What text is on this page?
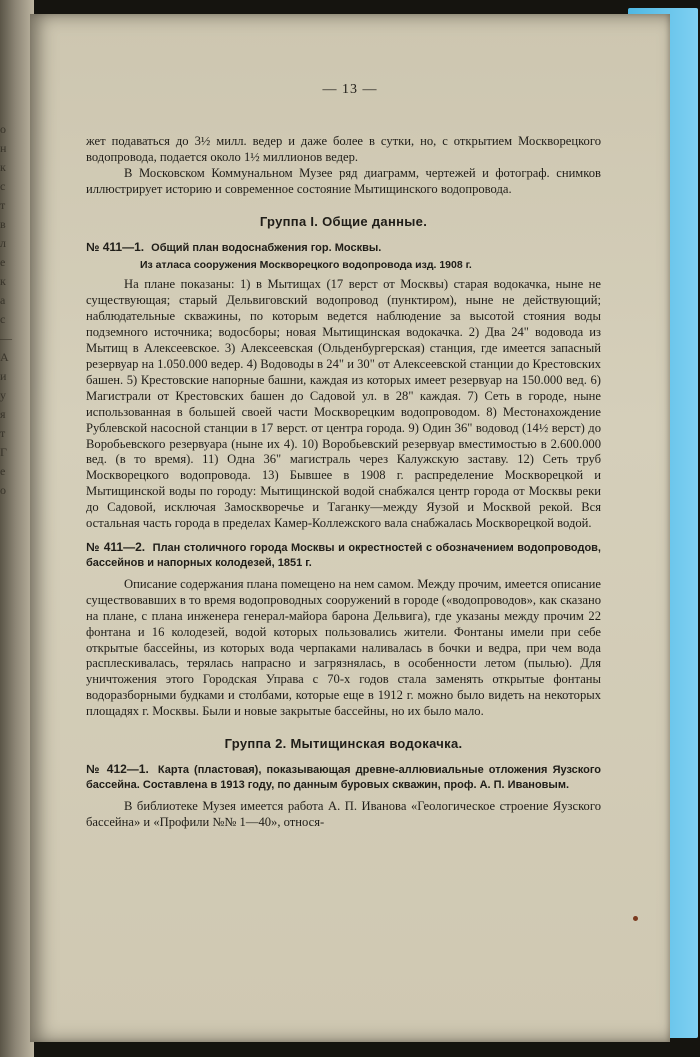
о
н
к
с
т
в
л
е
к
а
с
—
А
и
у
я
т
Г
е
о
— 13 —

жет подаваться до 3½ милл. ведер и даже более в сутки, но, с открытием Москворецкого водопровода, подается около 1½ миллионов ведер.

В Московском Коммунальном Музее ряд диаграмм, чертежей и фотограф. снимков иллюстрирует историю и современное состояние Мытищинского водопровода.

Группа I. Общие данные.
№ 411—1. Общий план водоснабжения гор. Москвы.
Из атласа сооружения Москворецкого водопровода изд. 1908 г.

На плане показаны: 1) в Мытищах (17 верст от Москвы) старая водокачка, ныне не существующая; старый Дельвиговский водопровод (пунктиром), ныне не действующий; наблюдательные скважины, по которым ведется наблюдение за высотой стояния воды подземного источника; водосборы; новая Мытищинская водокачка. 2) Два 24" водовода из Мытищ в Алексеевское. 3) Алексеевская (Ольденбургерская) станция, где имеется запасный резервуар на 1.050.000 ведер. 4) Водоводы в 24" и 30" от Алексеевской станции до Крестовских башен. 5) Крестовские напорные башни, каждая из которых имеет резервуар на 150.000 вед. 6) Магистрали от Крестовских башен до Садовой ул. в 28" каждая. 7) Сеть в городе, ныне использованная в большей своей части Москворецким водопроводом. 8) Местонахождение Рублевской насосной станции в 17 верст. от центра города. 9) Один 36" водовод (14½ верст) до Воробьевского резервуара (ныне их 4). 10) Воробьевский резервуар вместимостью в 2.600.000 вед. (в то время). 11) Одна 36" магистраль через Калужскую заставу. 12) Сеть труб Москворецкого водопровода. 13) Бывшее в 1908 г. распределение Москворецкой и Мытищинской воды по городу: Мытищинской водой снабжался центр города от Москвы реки до Садовой, исключая Замоскворечье и Таганку—между Яузой и Москвой рекой. Вся остальная часть города в пределах Камер-Коллежского вала снабжалась Москворецкой водой.

№ 411—2. План столичного города Москвы и окрестностей с обозначением водопроводов, бассейнов и напорных колодезей, 1851 г.

Описание содержания плана помещено на нем самом. Между прочим, имеется описание существовавших в то время водопроводных сооружений в городе («водопроводов», как сказано на плане, с плана инженера генерал-майора барона Дельвига), где указаны между прочим 22 фонтана и 16 колодезей, водой которых пользовались жители. Фонтаны имели при себе открытые бассейны, из которых вода черпаками наливалась в бочки и ведра, при чем вода расплескивалась, терялась напрасно и загрязнялась, в особенности летом (пылью). Для уничтожения этого Городская Управа с 70-х годов стала заменять открытые фонтаны водоразборными будками и столбами, которые еще в 1912 г. можно было видеть на некоторых площадях г. Москвы. Были и новые закрытые бассейны, но их было мало.

Группа 2. Мытищинская водокачка.
№ 412—1. Карта (пластовая), показывающая древне-аллювиальные отложения Яузского бассейна. Составлена в 1913 году, по данным буровых скважин, проф. А. П. Ивановым.

В библиотеке Музея имеется работа А. П. Иванова «Геологическое строение Яузского бассейна» и «Профили №№ 1—40», относя-
